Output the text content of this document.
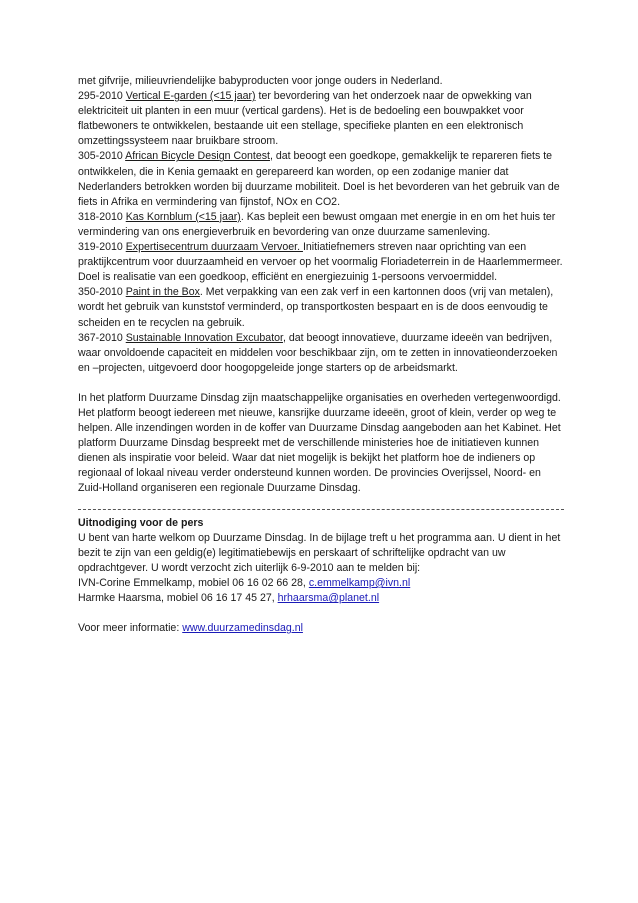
met gifvrije, milieuvriendelijke babyproducten voor jonge ouders in Nederland.

295-2010 Vertical E-garden (<15 jaar) ter bevordering van het onderzoek naar de opwekking van elektriciteit uit planten in een muur (vertical gardens). Het is de bedoeling een bouwpakket voor flatbewoners te ontwikkelen, bestaande uit een stellage, specifieke planten en een elektronisch omzettingssysteem naar bruikbare stroom.

305-2010 African Bicycle Design Contest, dat beoogt een goedkope, gemakkelijk te repareren fiets te ontwikkelen, die in Kenia gemaakt en gerepareerd kan worden, op een zodanige manier dat Nederlanders betrokken worden bij duurzame mobiliteit. Doel is het bevorderen van het gebruik van de fiets in Afrika en vermindering van fijnstof, NOx en CO2.

318-2010 Kas Kornblum (<15 jaar). Kas bepleit een bewust omgaan met energie in en om het huis ter vermindering van ons energieverbruik en bevordering van onze duurzame samenleving.

319-2010 Expertisecentrum duurzaam Vervoer. Initiatiefnemers streven naar oprichting van een praktijkcentrum voor duurzaamheid en vervoer op het voormalig Floriadeterrein in de Haarlemmermeer. Doel is realisatie van een goedkoop, efficiënt en energiezuinig 1-persoons vervoermiddel.

350-2010 Paint in the Box. Met verpakking van een zak verf in een kartonnen doos (vrij van metalen), wordt het gebruik van kunststof verminderd, op transportkosten bespaart en is de doos eenvoudig te scheiden en te recyclen na gebruik.

367-2010 Sustainable Innovation Excubator, dat beoogt innovatieve, duurzame ideeën van bedrijven, waar onvoldoende capaciteit en middelen voor beschikbaar zijn, om te zetten in innovatieonderzoeken en –projecten, uitgevoerd door hoogopgeleide jonge starters op de arbeidsmarkt.

In het platform Duurzame Dinsdag zijn maatschappelijke organisaties en overheden vertegenwoordigd. Het platform beoogt iedereen met nieuwe, kansrijke duurzame ideeën, groot of klein, verder op weg te helpen. Alle inzendingen worden in de koffer van Duurzame Dinsdag aangeboden aan het Kabinet. Het platform Duurzame Dinsdag bespreekt met de verschillende ministeries hoe de initiatieven kunnen dienen als inspiratie voor beleid. Waar dat niet mogelijk is bekijkt het platform hoe de indieners op regionaal of lokaal niveau verder ondersteund kunnen worden. De provincies Overijssel, Noord- en Zuid-Holland organiseren een regionale Duurzame Dinsdag.

Uitnodiging voor de pers

U bent van harte welkom op Duurzame Dinsdag. In de bijlage treft u het programma aan. U dient in het bezit te zijn van een geldig(e) legitimatiebewijs en perskaart of schriftelijke opdracht van uw opdrachtgever. U wordt verzocht zich uiterlijk 6-9-2010 aan te melden bij:

IVN-Corine Emmelkamp, mobiel 06 16 02 66 28, c.emmelkamp@ivn.nl

Harmke Haarsma, mobiel 06 16 17 45 27, hrhaarsma@planet.nl

Voor meer informatie: www.duurzamedinsdag.nl
